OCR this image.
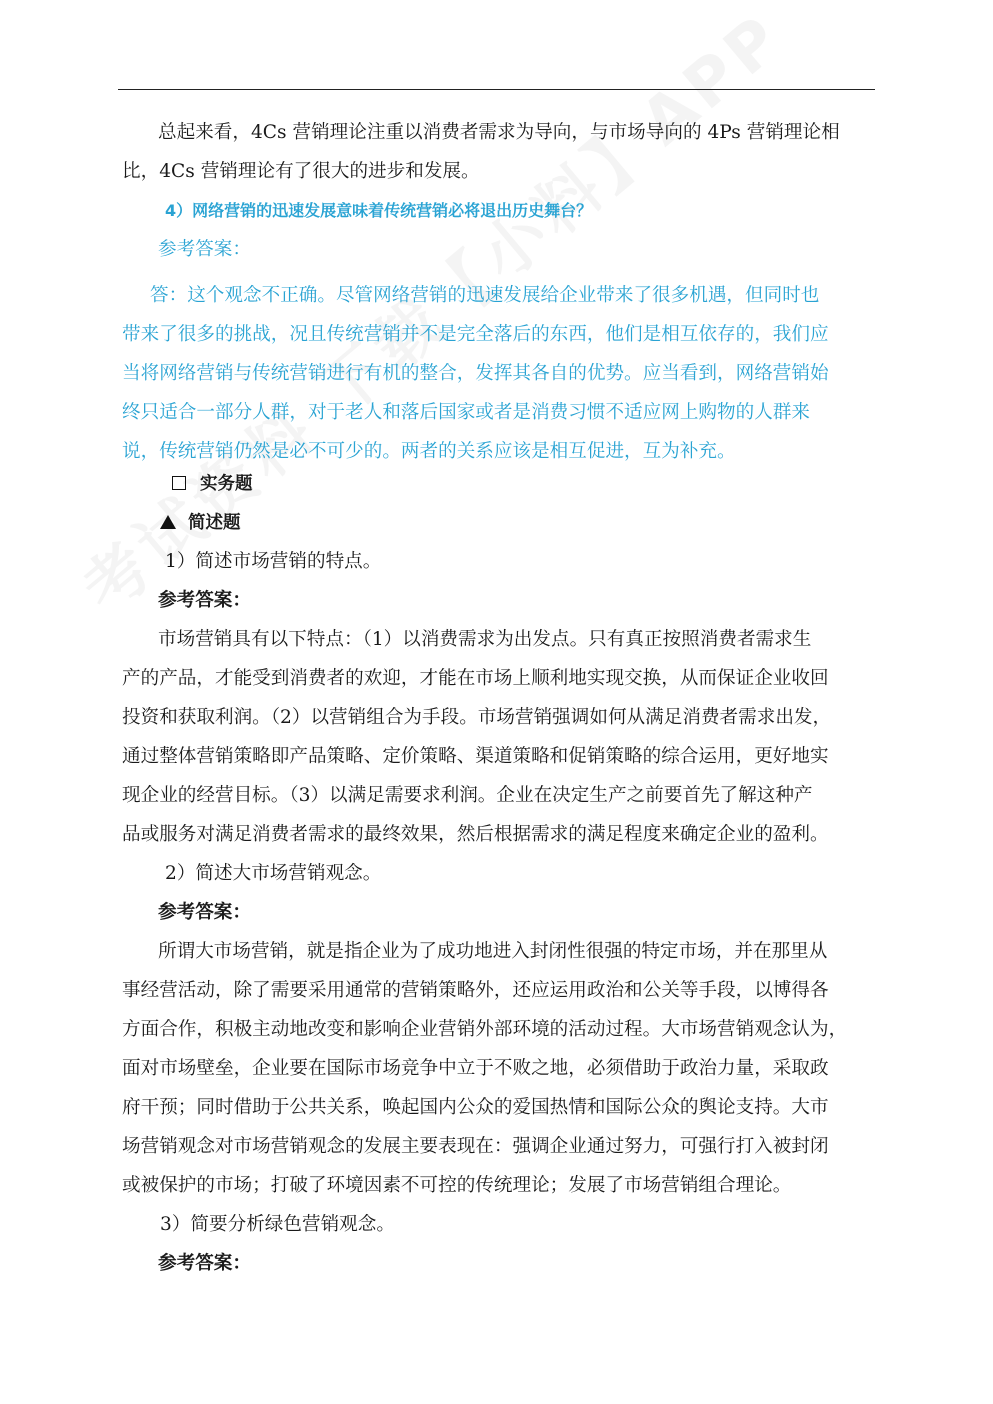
总起来看，4Cs 营销理论注重以消费者需求为导向，与市场导向的 4Ps 营销理论相
比，4Cs 营销理论有了很大的进步和发展。
4）网络营销的迅速发展意味着传统营销必将退出历史舞台？
参考答案：
答：这个观念不正确。尽管网络营销的迅速发展给企业带来了很多机遇，但同时也
带来了很多的挑战，况且传统营销并不是完全落后的东西，他们是相互依存的，我们应
当将网络营销与传统营销进行有机的整合，发挥其各自的优势。应当看到，网络营销始
终只适合一部分人群，对于老人和落后国家或者是消费习惯不适应网上购物的人群来
说，传统营销仍然是必不可少的。两者的关系应该是相互促进，互为补充。
实务题
简述题
1）简述市场营销的特点。
参考答案：
市场营销具有以下特点：（1）以消费需求为出发点。只有真正按照消费者需求生
产的产品，才能受到消费者的欢迎，才能在市场上顺利地实现交换，从而保证企业收回
投资和获取利润。（2）以营销组合为手段。市场营销强调如何从满足消费者需求出发，
通过整体营销策略即产品策略、定价策略、渠道策略和促销策略的综合运用，更好地实
现企业的经营目标。（3）以满足需要求利润。企业在决定生产之前要首先了解这种产
品或服务对满足消费者需求的最终效果，然后根据需求的满足程度来确定企业的盈利。
2）简述大市场营销观念。
参考答案：
所谓大市场营销，就是指企业为了成功地进入封闭性很强的特定市场，并在那里从
事经营活动，除了需要采用通常的营销策略外，还应运用政治和公关等手段，以博得各
方面合作，积极主动地改变和影响企业营销外部环境的活动过程。大市场营销观念认为，
面对市场壁垒，企业要在国际市场竞争中立于不败之地，必须借助于政治力量，采取政
府干预；同时借助于公共关系，唤起国内公众的爱国热情和国际公众的舆论支持。大市
场营销观念对市场营销观念的发展主要表现在：强调企业通过努力，可强行打入被封闭
或被保护的市场；打破了环境因素不可控的传统理论；发展了市场营销组合理论。
3）简要分析绿色营销观念。
参考答案：
